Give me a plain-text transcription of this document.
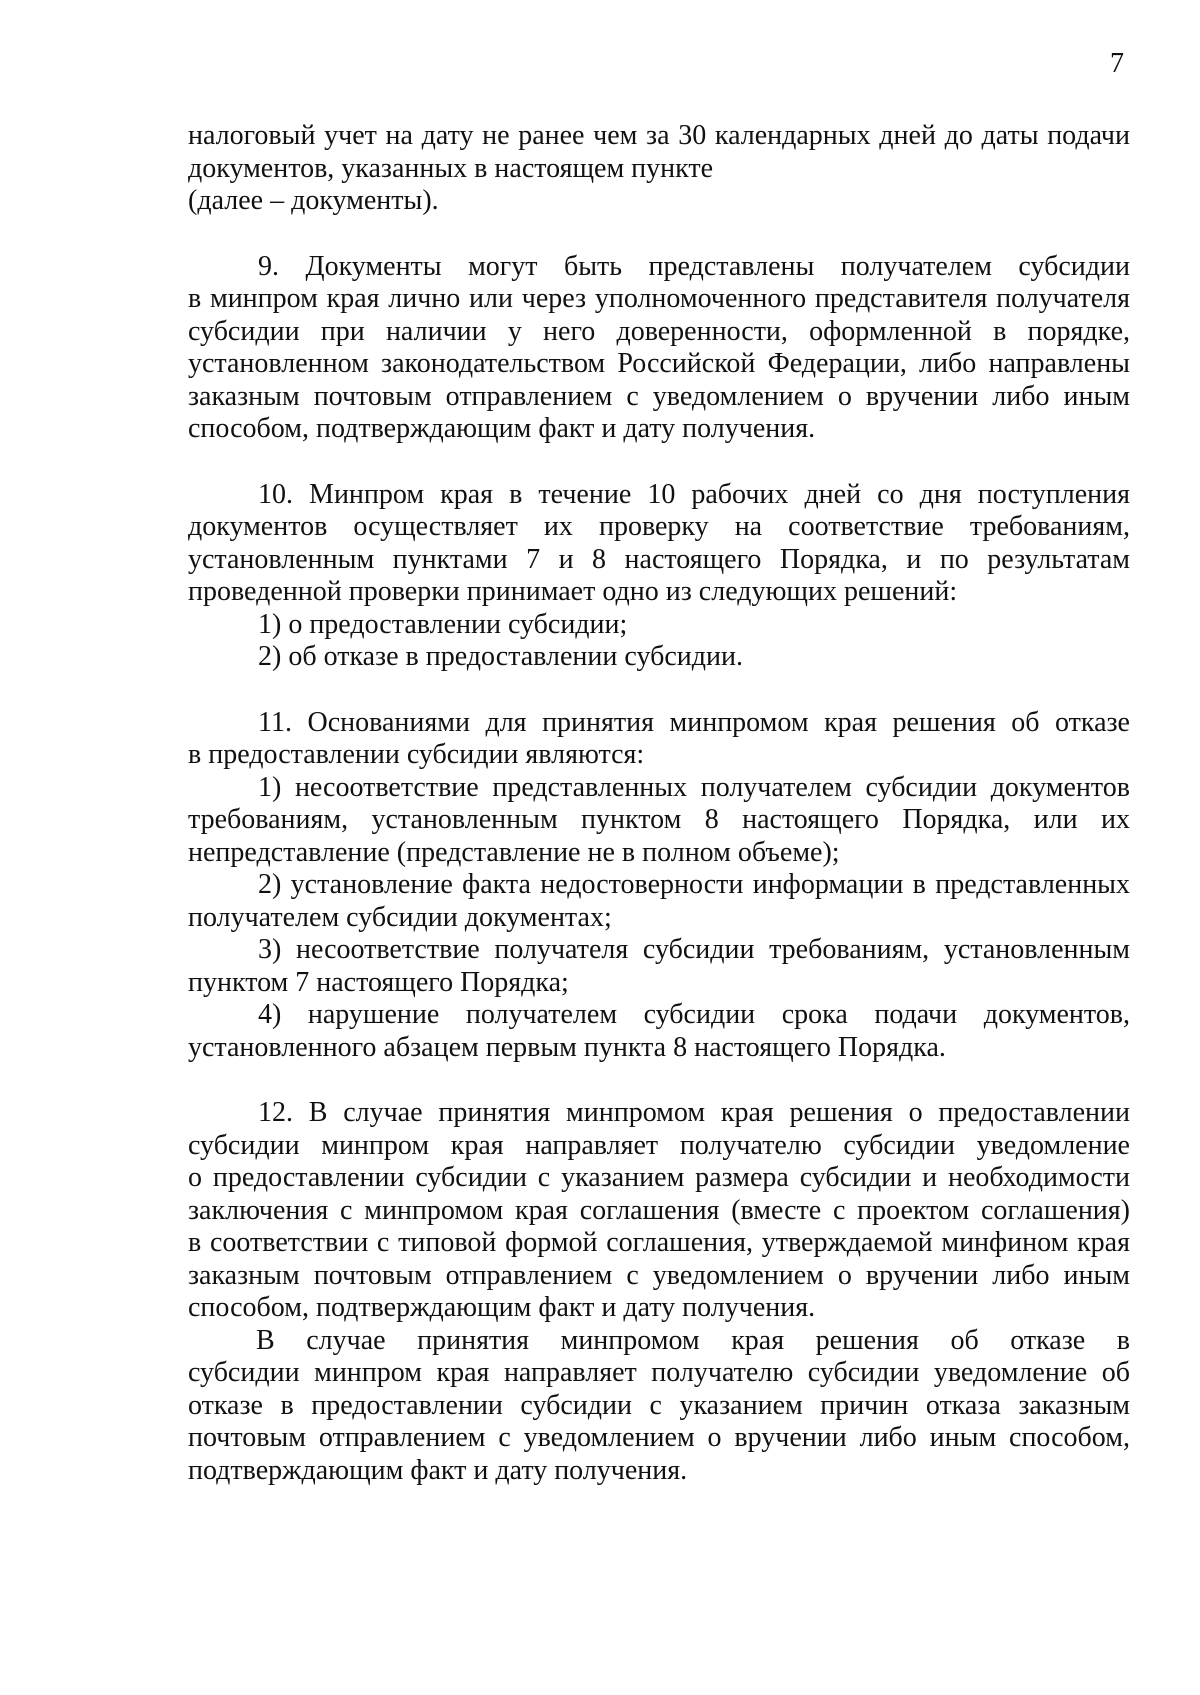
7
налоговый учет на дату не ранее чем за 30 календарных дней до даты подачи
документов, указанных в настоящем пункте
(далее – документы).
9. Документы могут быть представлены получателем субсидии
в минпром края лично или через уполномоченного представителя получателя
субсидии при наличии у него доверенности, оформленной в порядке,
установленном законодательством Российской Федерации, либо направлены
заказным почтовым отправлением с уведомлением о вручении либо иным
способом, подтверждающим факт и дату получения.
10. Минпром края в течение 10 рабочих дней со дня поступления
документов осуществляет их проверку на соответствие требованиям,
установленным пунктами 7 и 8 настоящего Порядка, и по результатам
проведенной проверки принимает одно из следующих решений:
1) о предоставлении субсидии;
2) об отказе в предоставлении субсидии.
11. Основаниями для принятия минпромом края решения об отказе
в предоставлении субсидии являются:
1) несоответствие представленных получателем субсидии документов
требованиям, установленным пунктом 8 настоящего Порядка, или их
непредставление (представление не в полном объеме);
2) установление факта недостоверности информации в представленных
получателем субсидии документах;
3) несоответствие получателя субсидии требованиям, установленным
пунктом 7 настоящего Порядка;
4) нарушение получателем субсидии срока подачи документов,
установленного абзацем первым пункта 8 настоящего Порядка.
12. В случае принятия минпромом края решения о предоставлении
субсидии минпром края направляет получателю субсидии уведомление
о предоставлении субсидии с указанием размера субсидии и необходимости
заключения с минпромом края соглашения (вместе с проектом соглашения)
в соответствии с типовой формой соглашения, утверждаемой минфином края
заказным почтовым отправлением с уведомлением о вручении либо иным
способом, подтверждающим факт и дату получения.
В случае принятия минпромом края решения об отказе в
субсидии минпром края направляет получателю субсидии уведомление об
отказе в предоставлении субсидии с указанием причин отказа заказным
почтовым отправлением с уведомлением о вручении либо иным способом,
подтверждающим факт и дату получения.
